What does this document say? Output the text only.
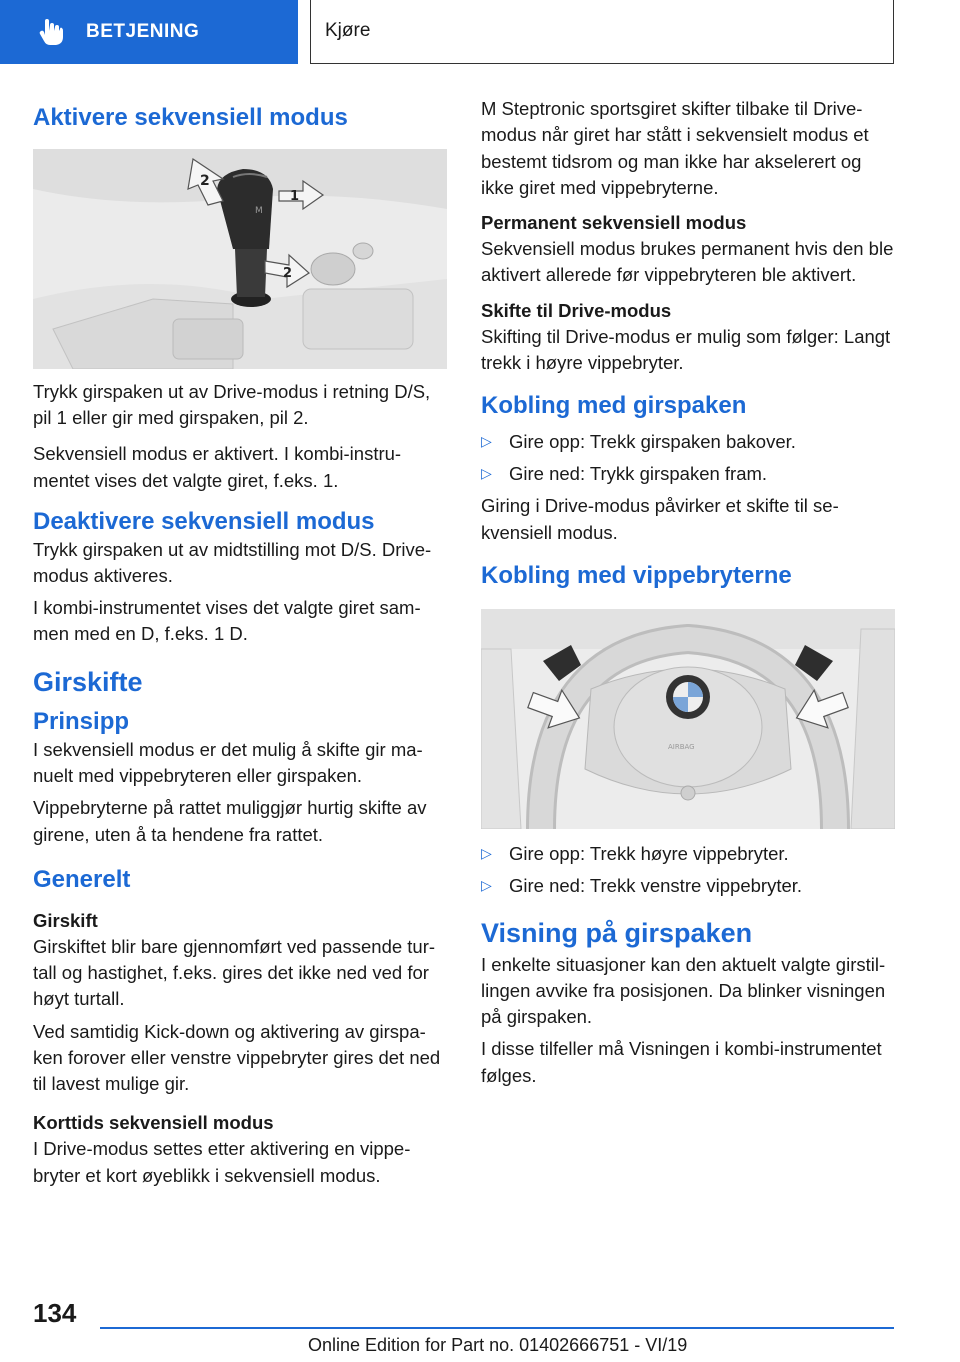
BETJENING	Kjøre
Aktivere sekvensiell modus
M
2
1
2

Trykk girspaken ut av Drive-modus i retning D/S, pil 1 eller gir med girspaken, pil 2.

Sekvensiell modus er aktivert. I kombi-instru-mentet vises det valgte giret, f.eks. 1.

Deaktivere sekvensiell modus

Trykk girspaken ut av midtstilling mot D/S. Drive-modus aktiveres.

I kombi-instrumentet vises det valgte giret sam-men med en D, f.eks. 1 D.

Girskifte
Prinsipp

I sekvensiell modus er det mulig å skifte gir ma-nuelt med vippebryteren eller girspaken.

Vippebryterne på rattet muliggjør hurtig skifte av girene, uten å ta hendene fra rattet.

Generelt
Girskift

Girskiftet blir bare gjennomført ved passende tur-tall og hastighet, f.eks. gires det ikke ned ved for høyt turtall.

Ved samtidig Kick-down og aktivering av girspa-ken forover eller venstre vippebryter gires det ned til lavest mulige gir.

Korttids sekvensiell modus

I Drive-modus settes etter aktivering en vippe-bryter et kort øyeblikk i sekvensiell modus.

M Steptronic sportsgiret skifter tilbake til Drive-modus når giret har stått i sekvensielt modus et bestemt tidsrom og man ikke har akselerert og ikke giret med vippebryterne.

Permanent sekvensiell modus

Sekvensiell modus brukes permanent hvis den ble aktivert allerede før vippebryteren ble aktivert.

Skifte til Drive-modus

Skifting til Drive-modus er mulig som følger: Langt trekk i høyre vippebryter.

Kobling med girspaken
▷ Gire opp: Trekk girspaken bakover.
▷ Gire ned: Trykk girspaken fram.

Giring i Drive-modus påvirker et skifte til se-kvensiell modus.

Kobling med vippebryterne
AIRBAG
▷ Gire opp: Trekk høyre vippebryter.
▷ Gire ned: Trekk venstre vippebryter.
Visning på girspaken

I enkelte situasjoner kan den aktuelt valgte girstil-lingen avvike fra posisjonen. Da blinker visningen på girspaken.

I disse tilfeller må Visningen i kombi-instrumentet følges.

134
Online Edition for Part no. 01402666751 - VI/19
